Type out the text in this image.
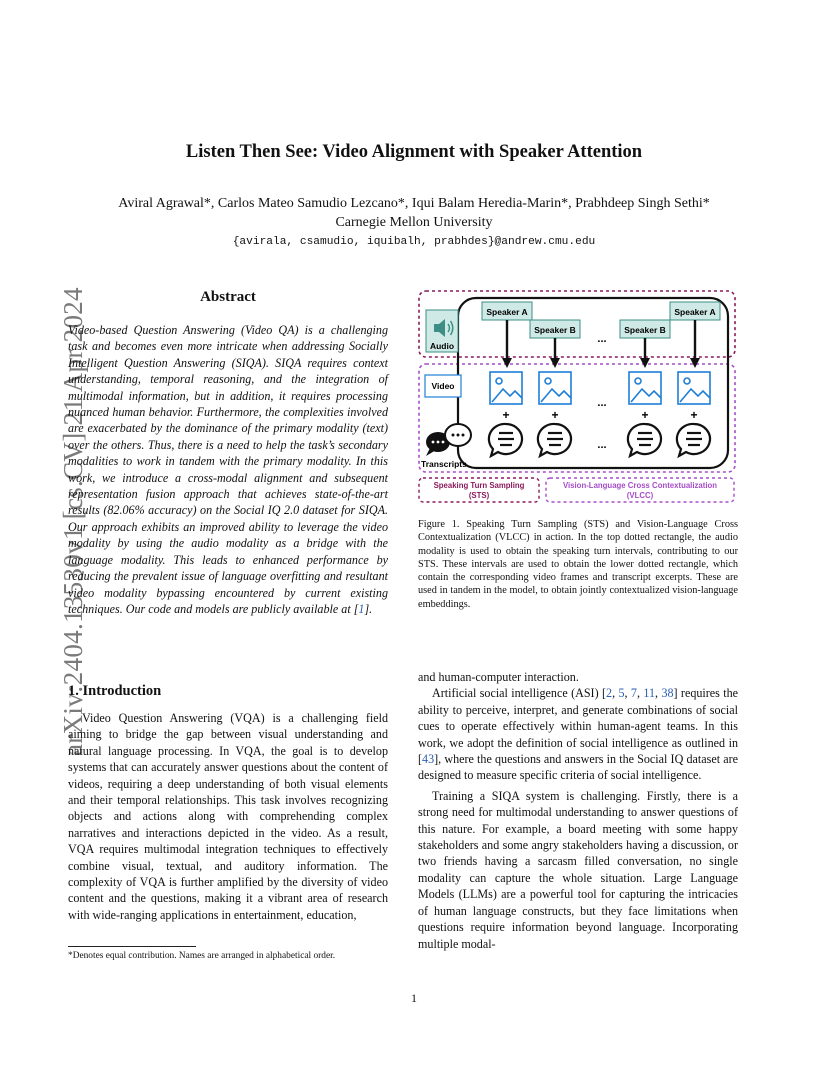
arXiv:2404.13530v1 [cs.CV] 21 Apr 2024
Listen Then See: Video Alignment with Speaker Attention
Aviral Agrawal*, Carlos Mateo Samudio Lezcano*, Iqui Balam Heredia-Marin*, Prabhdeep Singh Sethi*
Carnegie Mellon University
{avirala, csamudio, iquibalh, prabhdes}@andrew.cmu.edu
Abstract
Video-based Question Answering (Video QA) is a challenging task and becomes even more intricate when addressing Socially Intelligent Question Answering (SIQA). SIQA requires context understanding, temporal reasoning, and the integration of multimodal information, but in addition, it requires processing nuanced human behavior. Furthermore, the complexities involved are exacerbated by the dominance of the primary modality (text) over the others. Thus, there is a need to help the task’s secondary modalities to work in tandem with the primary modality. In this work, we introduce a cross-modal alignment and subsequent representation fusion approach that achieves state-of-the-art results (82.06% accuracy) on the Social IQ 2.0 dataset for SIQA. Our approach exhibits an improved ability to leverage the video modality by using the audio modality as a bridge with the language modality. This leads to enhanced performance by reducing the prevalent issue of language overfitting and resultant video modality bypassing encountered by current existing techniques. Our code and models are publicly available at [1].
1. Introduction

Video Question Answering (VQA) is a challenging field aiming to bridge the gap between visual understanding and natural language processing. In VQA, the goal is to develop systems that can accurately answer questions about the content of videos, requiring a deep understanding of both visual elements and their temporal relationships. This task involves recognizing objects and actions along with comprehending complex narratives and interactions depicted in the video. As a result, VQA requires multimodal integration techniques to effectively combine visual, textual, and auditory information. The complexity of VQA is further amplified by the diversity of video content and the questions, making it a vibrant area of research with wide-ranging applications in entertainment, education,

*Denotes equal contribution. Names are arranged in alphabetical order.
Speaker A
Speaker B	Speaker B
Speaker A
...
Audio
Video
...
+	+	+	+
...
Transcripts
Speaking Turn Sampling
(STS)
Vision-Language Cross Contextualization
(VLCC)
Figure 1. Speaking Turn Sampling (STS) and Vision-Language Cross Contextualization (VLCC) in action. In the top dotted rectangle, the audio modality is used to obtain the speaking turn intervals, contributing to our STS. These intervals are used to obtain the lower dotted rectangle, which contain the corresponding video frames and transcript excerpts. These are used in tandem in the model, to obtain jointly contextualized vision-language embeddings.

and human-computer interaction.

Artificial social intelligence (ASI) [2, 5, 7, 11, 38] requires the ability to perceive, interpret, and generate combinations of social cues to operate effectively within human-agent teams. In this work, we adopt the definition of social intelligence as outlined in [43], where the questions and answers in the Social IQ dataset are designed to measure specific criteria of social intelligence.

Training a SIQA system is challenging. Firstly, there is a strong need for multimodal understanding to answer questions of this nature. For example, a board meeting with some happy stakeholders and some angry stakeholders having a discussion, or two friends having a sarcasm filled conversation, no single modality can capture the whole situation. Large Language Models (LLMs) are a powerful tool for capturing the intricacies of human language constructs, but they face limitations when questions require information beyond language. Incorporating multiple modal-

1
